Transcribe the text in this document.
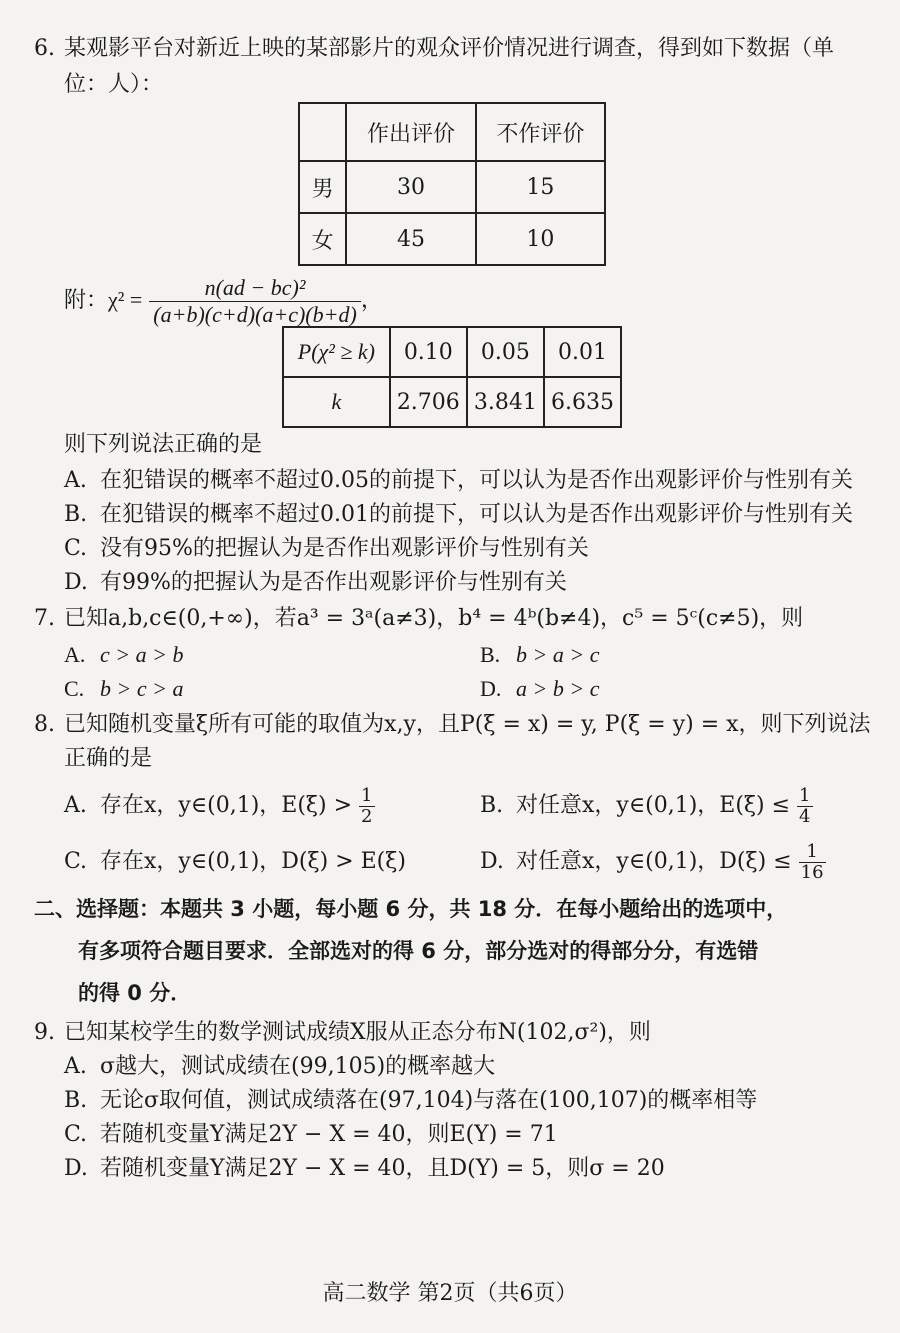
6. 某观影平台对新近上映的某部影片的观众评价情况进行调查，得到如下数据（单
位：人）：
	作出评价	不作评价
男	30	15
女	45	10
附：$\chi^2 = \frac{\text{n(ad − bc)²}}{(a+b)(c+d)(a+c)(b+d)}$ ，
P(χ² ≥ k)	0.10	0.05	0.01
k	2.706	3.841	6.635
则下列说法正确的是
A. 在犯错误的概率不超过0.05的前提下，可以认为是否作出观影评价与性别有关
B. 在犯错误的概率不超过0.01的前提下，可以认为是否作出观影评价与性别有关
C. 没有95%的把握认为是否作出观影评价与性别有关
D. 有99%的把握认为是否作出观影评价与性别有关
7. 已知a,b,c∈(0,+∞)，若a³ = 3ᵃ(a≠3)，b⁴ = 4ᵇ(b≠4)，c⁵ = 5ᶜ(c≠5)，则
A. c > a > b	B. b > a > c
C. b > c > a	D. a > b > c
8. 已知随机变量ξ所有可能的取值为x,y，且P(ξ = x) = y, P(ξ = y) = x，则下列说法
正确的是
A. 存在x，y∈(0,1)，$E(\xi) > \frac{1}{2}$	B. 对任意x，y∈(0,1)，$E(\xi) \le \frac{1}{4}$
C. 存在x，y∈(0,1)，D(ξ) > E(ξ)	D. 对任意x，y∈(0,1)，$D(\xi) \le \frac{1}{16}$
二、选择题：本题共 3 小题，每小题 6 分，共 18 分．在每小题给出的选项中，
有多项符合题目要求．全部选对的得 6 分，部分选对的得部分分，有选错
的得 0 分．
9. 已知某校学生的数学测试成绩X服从正态分布N(102,σ²)，则
A. σ越大，测试成绩在(99,105)的概率越大
B. 无论σ取何值，测试成绩落在(97,104)与落在(100,107)的概率相等
C. 若随机变量Y满足2Y − X = 40，则E(Y) = 71
D. 若随机变量Y满足2Y − X = 40，且D(Y) = 5，则σ = 20
高二数学 第2页（共6页）
